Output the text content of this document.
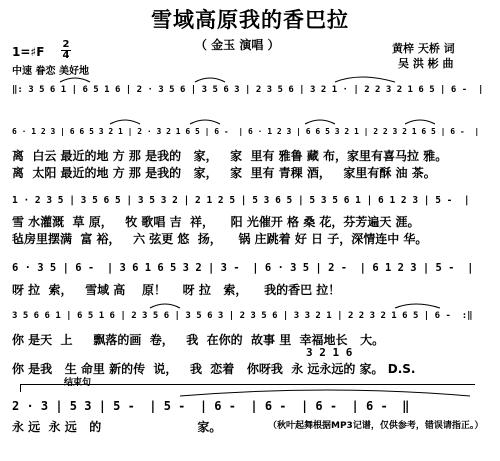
雪域高原我的香巴拉
（ 金玉 演唱 ）	黄梓 天桥 词
吴 洪 彬 曲
1=♯F
2
4
中速 眷恋 美好地
‖: 3 5 6 1 | 6 5 1 6 | 2 · 3 5 6 | 3 5 6 3 | 2 3 5 6 | 3 2 1 · | 2 2 3 2 1 6 5 | 6 -  |
6 · 1 2 3 | 6 6 5 3 2 1 | 2 · 3 2 1 6 5 | 6 -  | 6 · 1 2 3 | 6 6 5 3 2 1 | 2 2 3 2 1 6 5 | 6 -  |
离  白云 最近的地 方 那 是我的   家，   家  里有 雅鲁 藏 布，家里有喜马拉 雅。
离  太阳 最近的地 方 那 是我的   家，   家  里有 青稞 酒，   家里有酥 油 茶。
1 · 2 3 5 | 3 5 6 5 | 3 5 3 2 | 2 1 2 5 | 5 3 6 5 | 5 3 5 6 1 | 6 1 2 3 | 5 -  |
雪 水灌溉  草 原，   牧 歌唱 吉  祥，    阳 光催开 格 桑 花，芬芳遍天 涯。
毡房里摆满  富 裕，   六 弦更 悠  扬，    锅 庄跳着 好 日 子，深情连中 华。
6 · 3 5 | 6 -  | 3 6 1 6 5 3 2 | 3 -  | 6 · 3 5 | 2 -  | 6 1 2 3 | 5 -  |
呀 拉  索，   雪域 高    原！    呀 拉   索，    我的香巴 拉！
3 5 6 6 1 | 6 5 1 6 | 2 3 5 6 | 3 5 6 3 | 2 3 5 6 | 3 3 2 1 | 2 2 3 2 1 6 5 | 6 -  :‖
你 是天  上     飘落的画  卷，   我  在你的  故事 里  幸福地长   大。
3 2 1 6
你 是我   生 命里 新的传  说，   我  恋着   你呀我  永 远永远的 家。 D.S.
结束句
2 · 3 | 5 3 | 5 -  | 5 -  | 6 -  | 6 -  | 6 -  | 6 -  ‖
永 远  永 远   的                       家。	（秋叶起舞根据MP3记谱，仅供参考，错误请指正。）
